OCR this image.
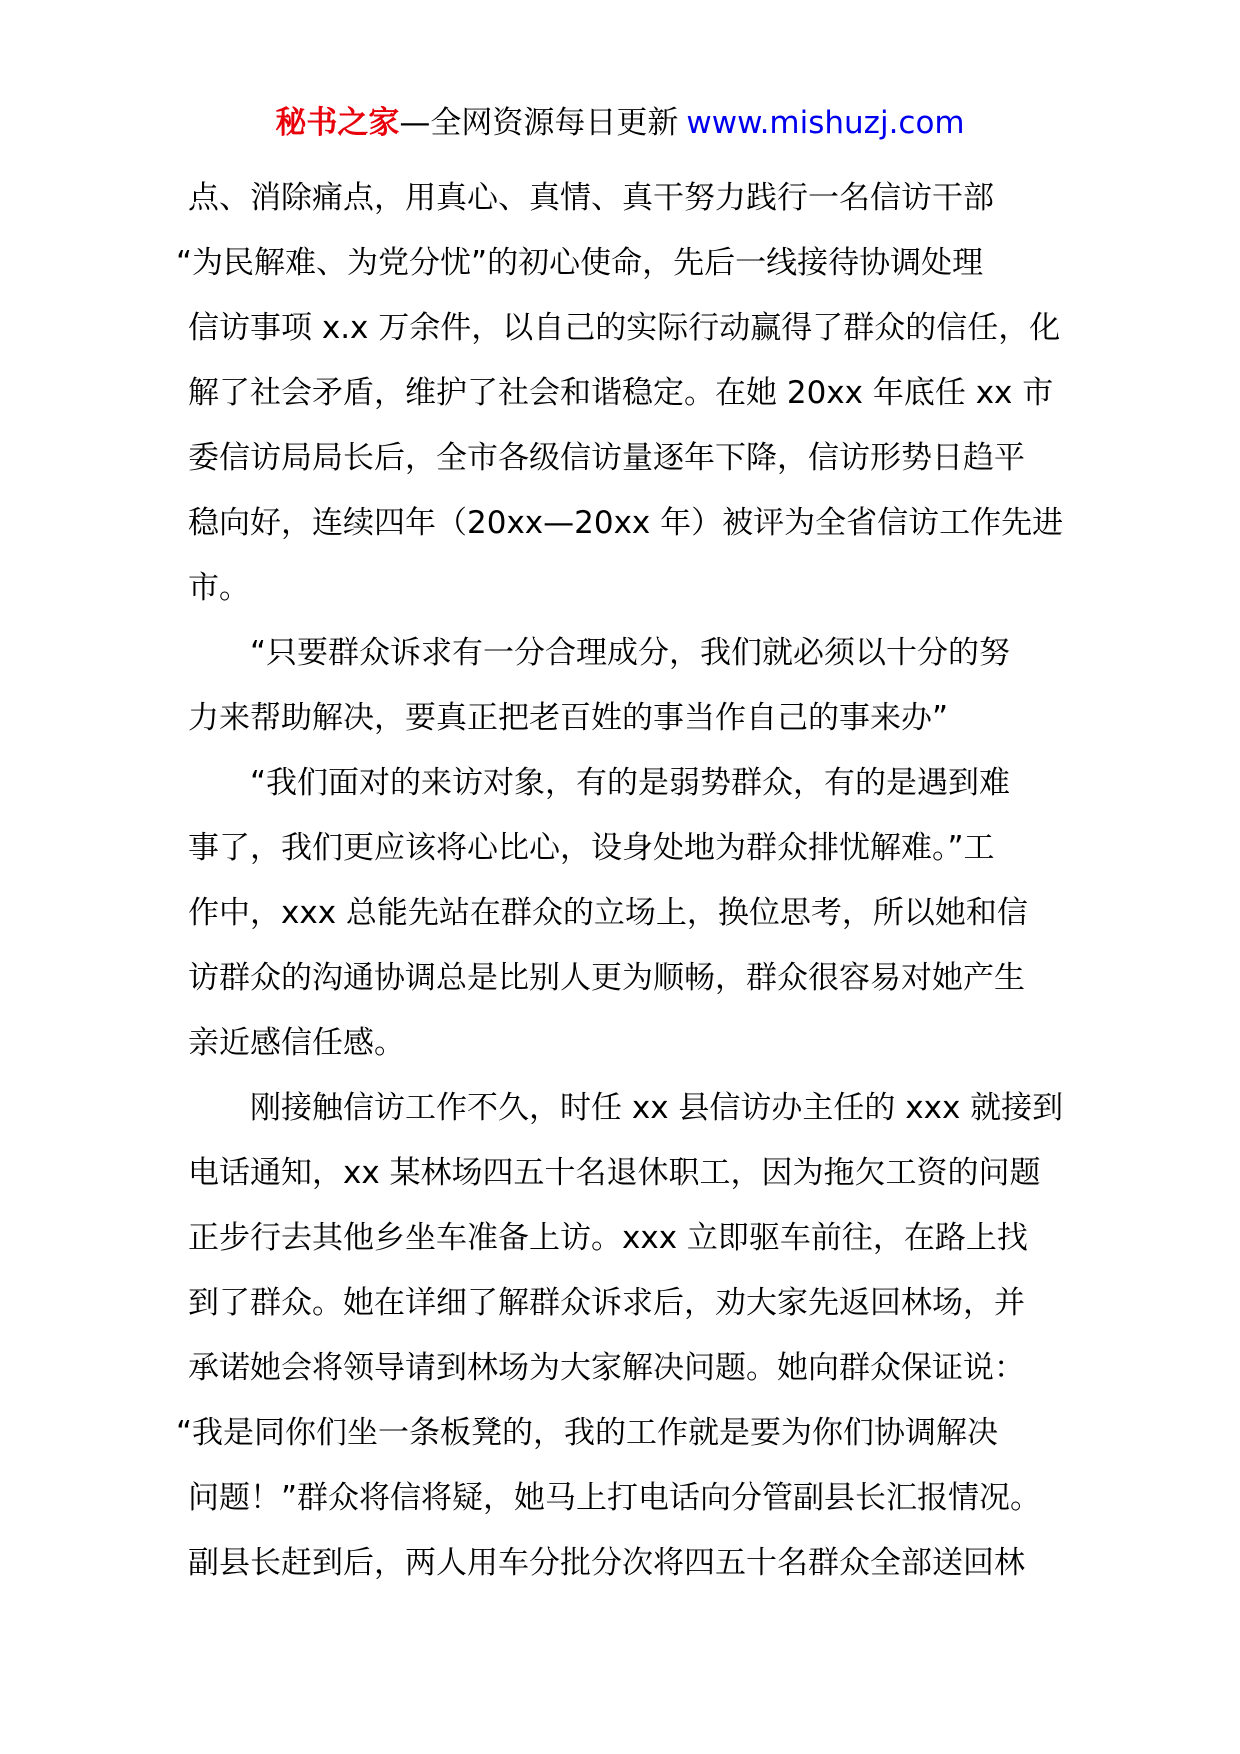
秘书之家—全网资源每日更新 www.mishuzj.com
点、消除痛点，用真心、真情、真干努力践行一名信访干部
“为民解难、为党分忧”的初心使命，先后一线接待协调处理
信访事项 x.x 万余件，以自己的实际行动赢得了群众的信任，化
解了社会矛盾，维护了社会和谐稳定。在她 20xx 年底任 xx 市
委信访局局长后，全市各级信访量逐年下降，信访形势日趋平
稳向好，连续四年（20xx—20xx 年）被评为全省信访工作先进
市。
“只要群众诉求有一分合理成分，我们就必须以十分的努
力来帮助解决，要真正把老百姓的事当作自己的事来办”
“我们面对的来访对象，有的是弱势群众，有的是遇到难
事了，我们更应该将心比心，设身处地为群众排忧解难。”工
作中，xxx 总能先站在群众的立场上，换位思考，所以她和信
访群众的沟通协调总是比别人更为顺畅，群众很容易对她产生
亲近感信任感。
刚接触信访工作不久，时任 xx 县信访办主任的 xxx 就接到
电话通知，xx 某林场四五十名退休职工，因为拖欠工资的问题
正步行去其他乡坐车准备上访。xxx 立即驱车前往，在路上找
到了群众。她在详细了解群众诉求后，劝大家先返回林场，并
承诺她会将领导请到林场为大家解决问题。她向群众保证说：
“我是同你们坐一条板凳的，我的工作就是要为你们协调解决
问题！”群众将信将疑，她马上打电话向分管副县长汇报情况。
副县长赶到后，两人用车分批分次将四五十名群众全部送回林
